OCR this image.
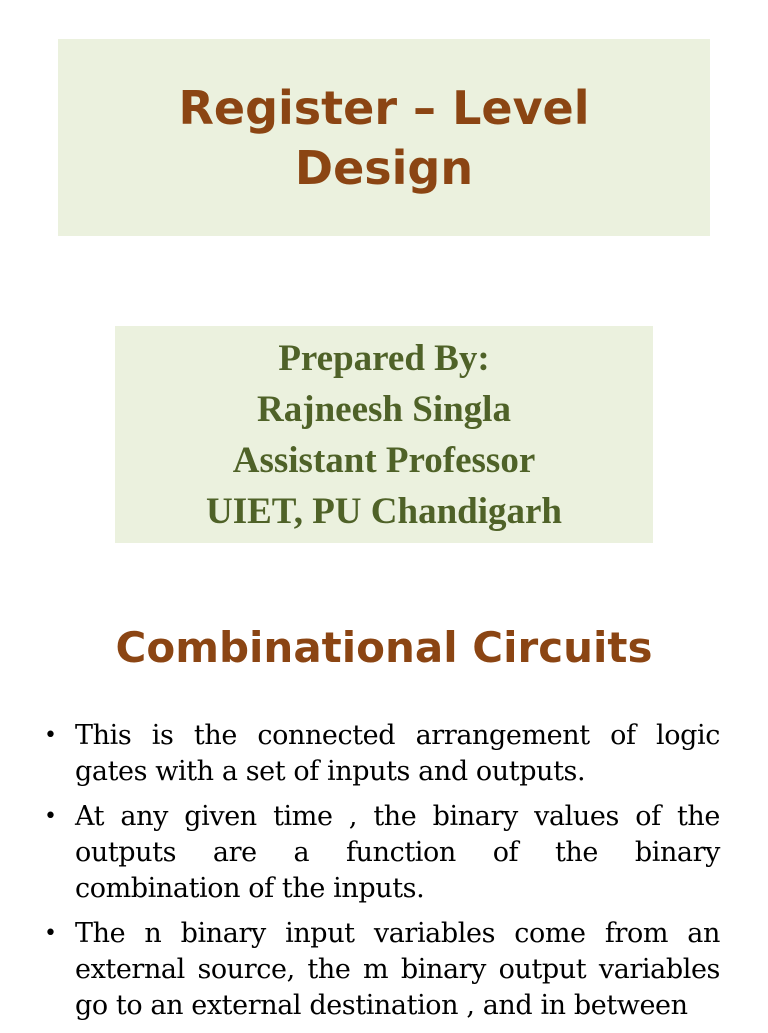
Register – Level
Design
Prepared By:
Rajneesh Singla
Assistant Professor
UIET, PU Chandigarh
Combinational Circuits
• This is the connected arrangement of logic gates with a set of inputs and outputs.
• At any given time , the binary values of the outputs are a function of the binary combination of the inputs.
• The n binary input variables come from an external source, the m binary output variables go to an external destination , and in between
